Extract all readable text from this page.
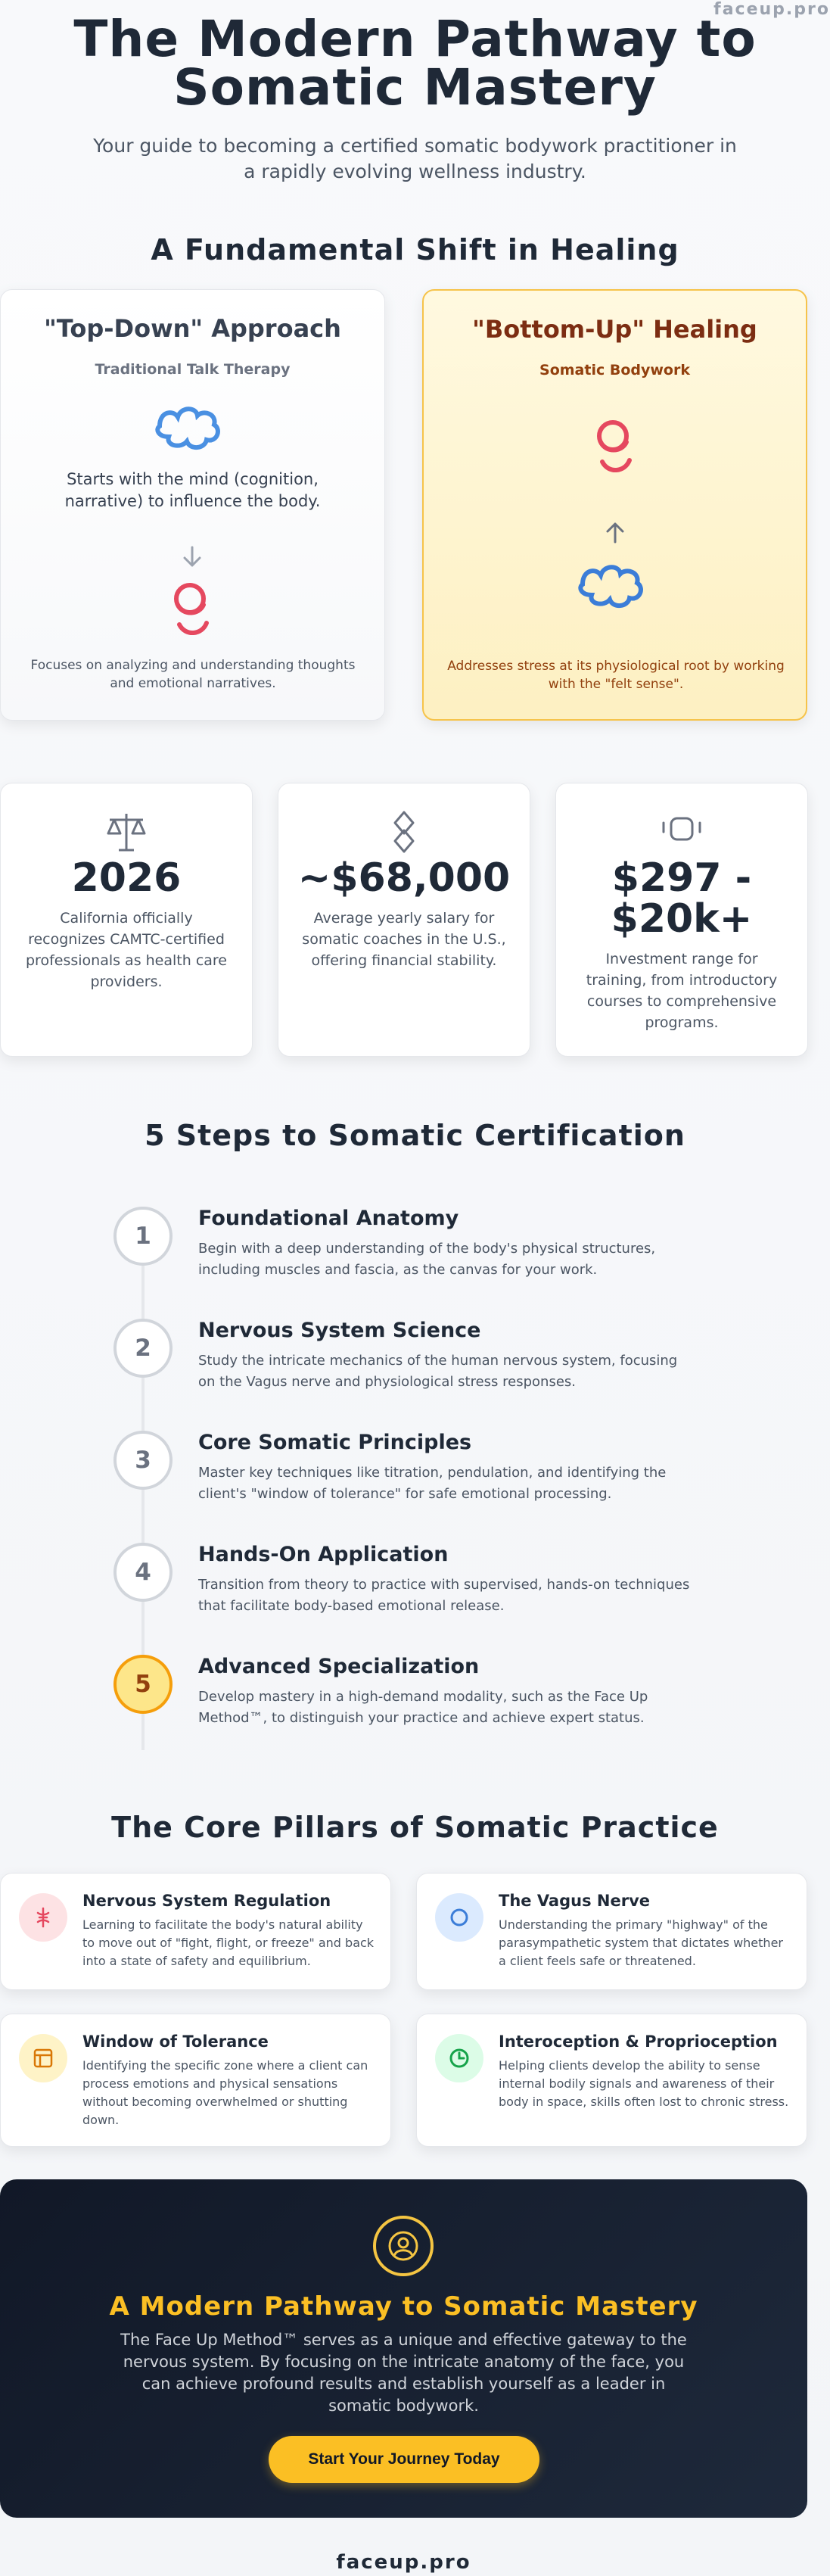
faceup.pro
The Modern Pathway to
Somatic Mastery

Your guide to becoming a certified somatic bodywork practitioner in a rapidly evolving wellness industry.

A Fundamental Shift in Healing
"Top-Down" Approach
Traditional Talk Therapy

Starts with the mind (cognition, narrative) to influence the body.

Focuses on analyzing and understanding thoughts and emotional narratives.

"Bottom-Up" Healing
Somatic Bodywork

Addresses stress at its physiological root by working with the "felt sense".

2026

California officially recognizes CAMTC-certified professionals as health care providers.

~$68,000

Average yearly salary for somatic coaches in the U.S., offering financial stability.

$297 - $20k+

Investment range for training, from introductory courses to comprehensive programs.

5 Steps to Somatic Certification
1
Foundational Anatomy
Begin with a deep understanding of the body's physical structures, including muscles and fascia, as the canvas for your work.
2
Nervous System Science
Study the intricate mechanics of the human nervous system, focusing on the Vagus nerve and physiological stress responses.
3
Core Somatic Principles
Master key techniques like titration, pendulation, and identifying the client's "window of tolerance" for safe emotional processing.
4
Hands-On Application
Transition from theory to practice with supervised, hands-on techniques that facilitate body-based emotional release.
5
Advanced Specialization
Develop mastery in a high-demand modality, such as the Face Up Method™, to distinguish your practice and achieve expert status.
The Core Pillars of Somatic Practice
Nervous System Regulation

Learning to facilitate the body's natural ability to move out of "fight, flight, or freeze" and back into a state of safety and equilibrium.

The Vagus Nerve

Understanding the primary "highway" of the parasympathetic system that dictates whether a client feels safe or threatened.

Window of Tolerance

Identifying the specific zone where a client can process emotions and physical sensations without becoming overwhelmed or shutting down.

Interoception & Proprioception

Helping clients develop the ability to sense internal bodily signals and awareness of their body in space, skills often lost to chronic stress.

A Modern Pathway to Somatic Mastery

The Face Up Method™ serves as a unique and effective gateway to the nervous system. By focusing on the intricate anatomy of the face, you can achieve profound results and establish yourself as a leader in somatic bodywork.

Start Your Journey Today
faceup.pro
